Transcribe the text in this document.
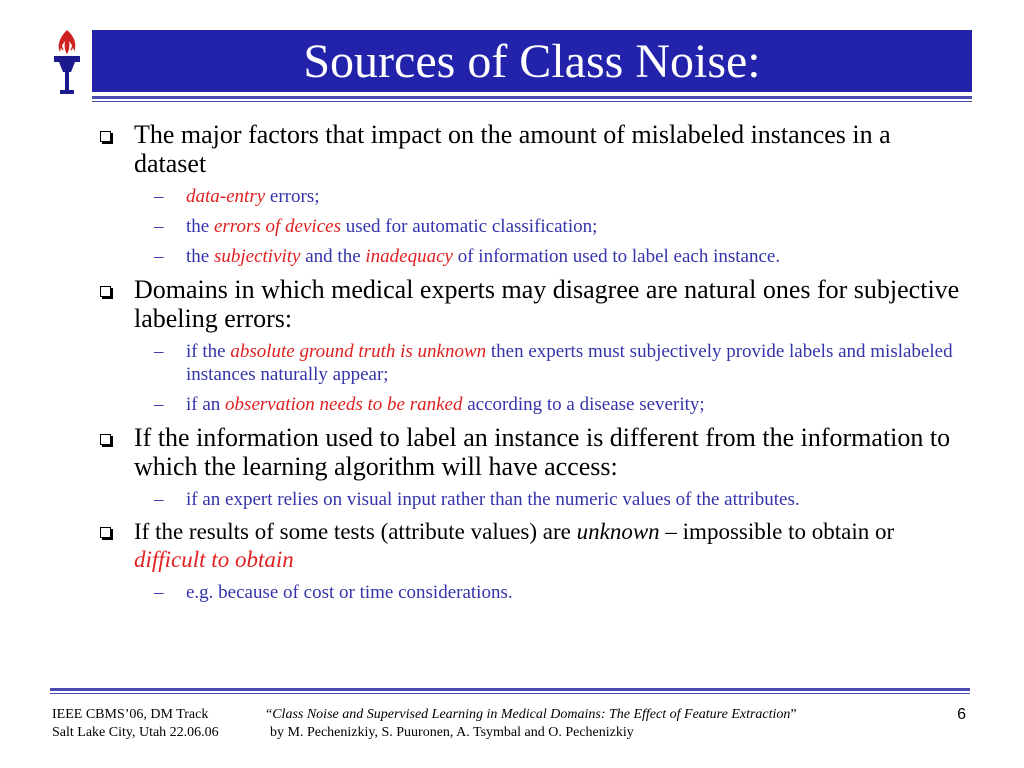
Sources of Class Noise:
The major factors that impact on the amount of mislabeled instances in a dataset
– data-entry errors;
– the errors of devices used for automatic classification;
– the subjectivity and the inadequacy of information used to label each instance.
Domains in which medical experts may disagree are natural ones for subjective labeling errors:
– if the absolute ground truth is unknown then experts must subjectively provide labels and mislabeled instances naturally appear;
– if an observation needs to be ranked according to a disease severity;
If the information used to label an instance is different from the information to which the learning algorithm will have access:
– if an expert relies on visual input rather than the numeric values of the attributes.
If the results of some tests (attribute values) are unknown – impossible to obtain or difficult to obtain
– e.g. because of cost or time considerations.
IEEE CBMS’06, DM Track
Salt Lake City, Utah 22.06.06
“Class Noise and Supervised Learning in Medical Domains: The Effect of Feature Extraction”
by M. Pechenizkiy, S. Puuronen, A. Tsymbal and O. Pechenizkiy
6
